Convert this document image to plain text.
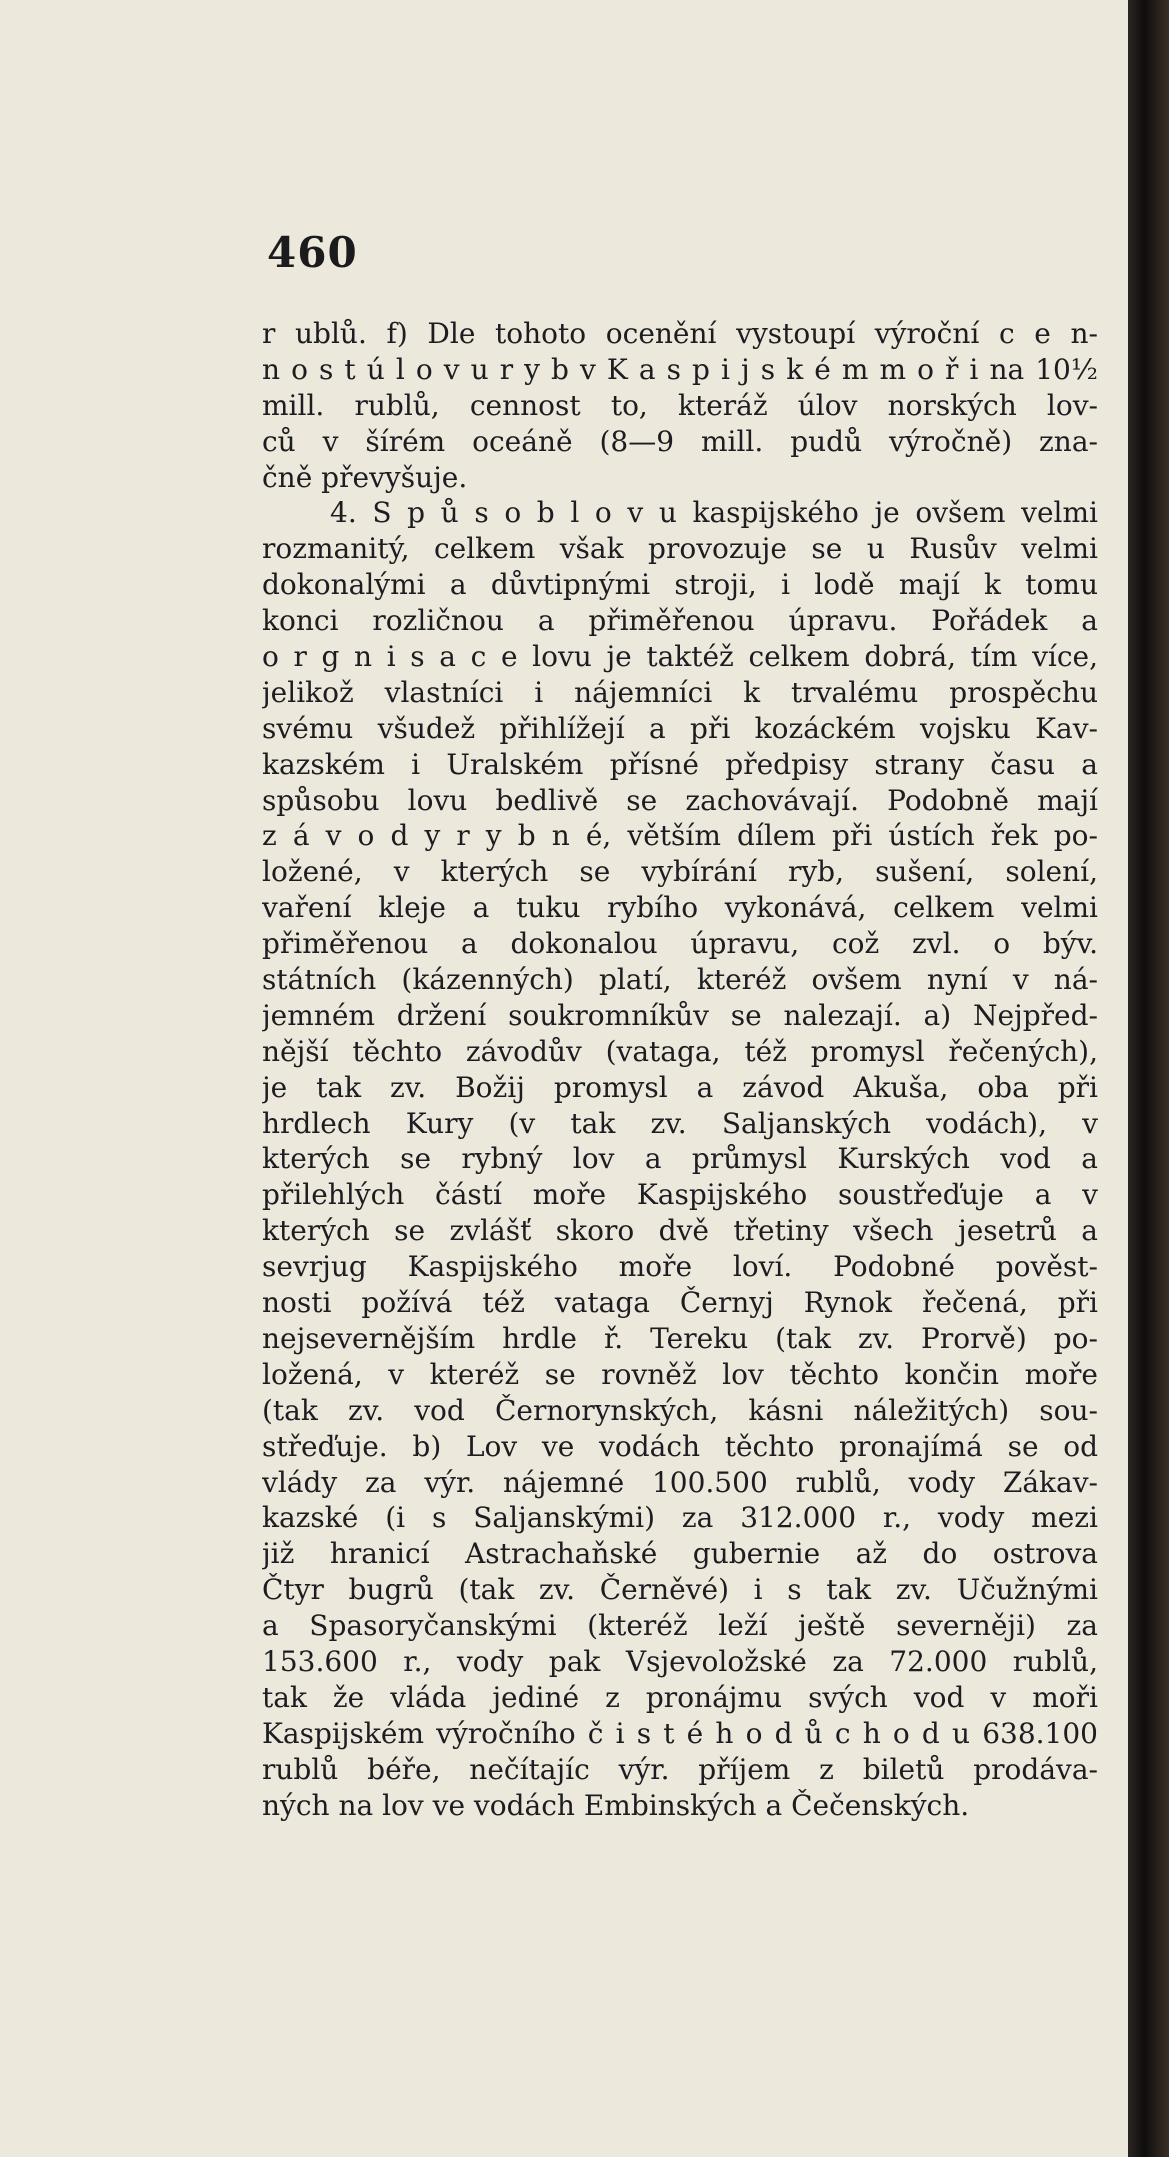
460
r ublů. f) Dle tohoto ocenění vystoupí výroční c e n-
n o s t ú l o v u r y b v K a s p i j s k é m m o ř i na 10½
mill. rublů, cennost to, kteráž úlov norských lov-
ců v šírém oceáně (8—9 mill. pudů výročně) zna-
čně převyšuje.
4. S p ů s o b l o v u kaspijského je ovšem velmi
rozmanitý, celkem však provozuje se u Rusův velmi
dokonalými a důvtipnými stroji, i lodě mají k tomu
konci rozličnou a přiměřenou úpravu. Pořádek a
o r g n i s a c e lovu je taktéž celkem dobrá, tím více,
jelikož vlastníci i nájemníci k trvalému prospěchu
svému všudež přihlížejí a při kozáckém vojsku Kav-
kazském i Uralském přísné předpisy strany času a
spůsobu lovu bedlivě se zachovávají. Podobně mají
z á v o d y r y b n é, větším dílem při ústích řek po-
ložené, v kterých se vybírání ryb, sušení, solení,
vaření kleje a tuku rybího vykonává, celkem velmi
přiměřenou a dokonalou úpravu, což zvl. o býv.
státních (kázenných) platí, kteréž ovšem nyní v ná-
jemném držení soukromníkův se nalezají. a) Nejpřed-
nější těchto závodův (vataga, též promysl řečených),
je tak zv. Božij promysl a závod Akuša, oba při
hrdlech Kury (v tak zv. Saljanských vodách), v
kterých se rybný lov a průmysl Kurských vod a
přilehlých částí moře Kaspijského soustřeďuje a v
kterých se zvlášť skoro dvě třetiny všech jesetrů a
sevrjug Kaspijského moře loví. Podobné pověst-
nosti požívá též vataga Černyj Rynok řečená, při
nejsevernějším hrdle ř. Tereku (tak zv. Prorvě) po-
ložená, v kteréž se rovněž lov těchto končin moře
(tak zv. vod Černorynských, kásni náležitých) sou-
střeďuje. b) Lov ve vodách těchto pronajímá se od
vlády za výr. nájemné 100.500 rublů, vody Zákav-
kazské (i s Saljanskými) za 312.000 r., vody mezi
již hranicí Astrachaňské gubernie až do ostrova
Čtyr bugrů (tak zv. Černěvé) i s tak zv. Učužnými
a Spasoryčanskými (kteréž leží ještě severněji) za
153.600 r., vody pak Vsjevoložské za 72.000 rublů,
tak že vláda jediné z pronájmu svých vod v moři
Kaspijském výročního č i s t é h o d ů c h o d u 638.100
rublů béře, nečítajíc výr. příjem z biletů prodáva-
ných na lov ve vodách Embinských a Čečenských.
